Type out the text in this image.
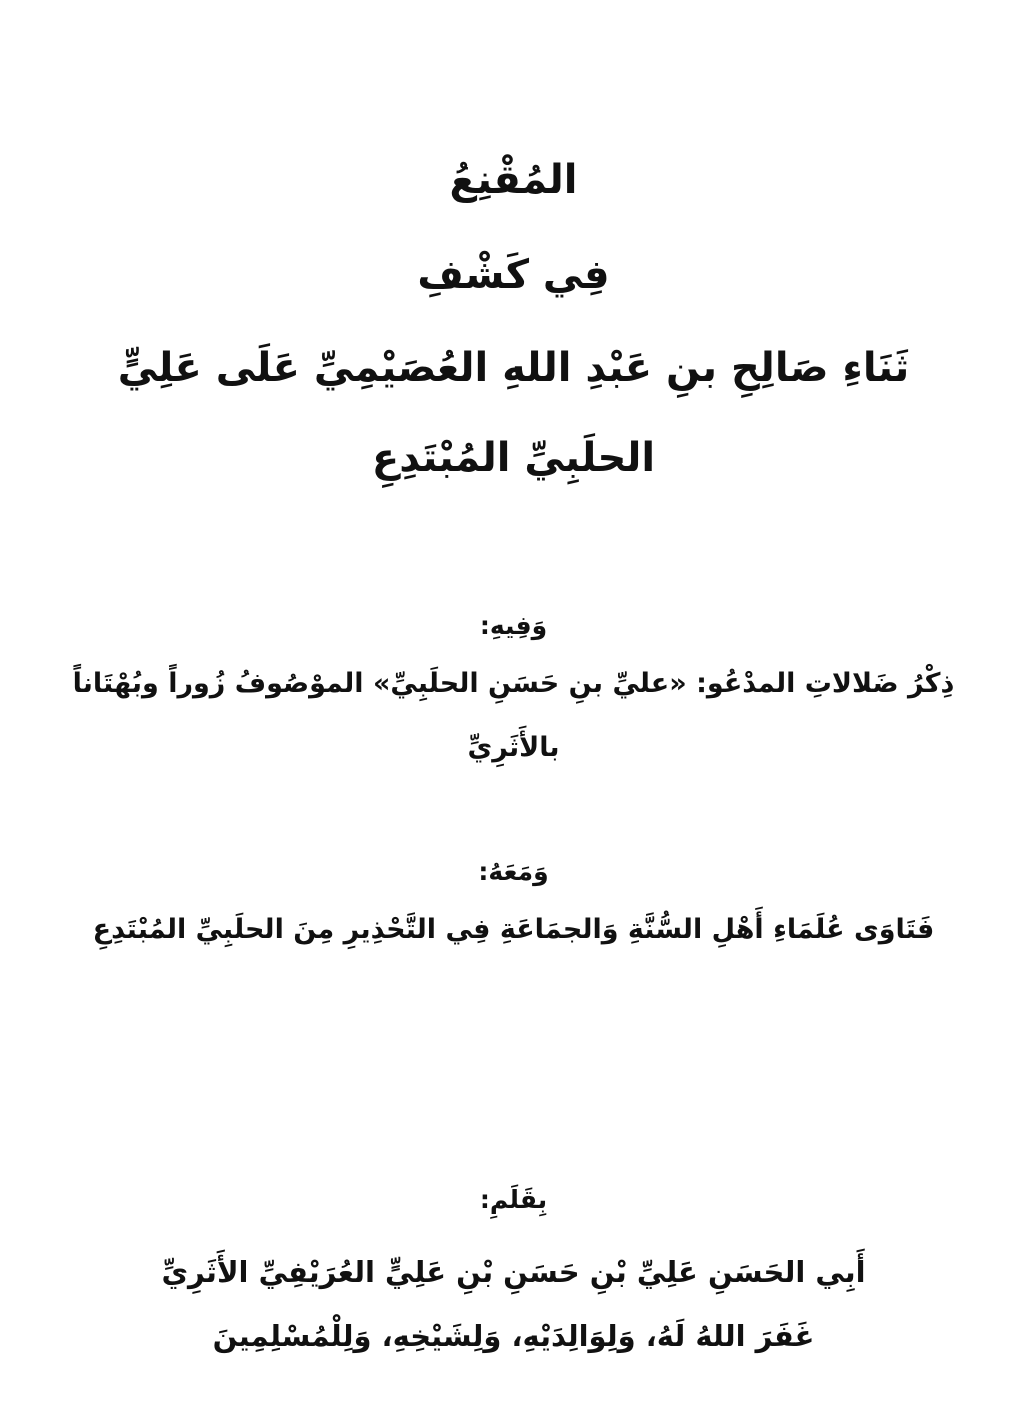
المُقْنِعُ
فِي كَشْفِ
ثَنَاءِ صَالِحِ بنِ عَبْدِ اللهِ العُصَيْمِيِّ عَلَى عَلِيٍّ
الحلَبِيِّ المُبْتَدِعِ
وَفِيهِ:
ذِكْرُ ضَلالاتِ المدْعُو: «عليِّ بنِ حَسَنِ الحلَبِيِّ» الموْصُوفُ زُوراً وبُهْتَاناً
بالأَثَرِيِّ
وَمَعَهُ:
فَتَاوَى عُلَمَاءِ أَهْلِ السُّنَّةِ وَالجمَاعَةِ فِي التَّحْذِيرِ مِنَ الحلَبِيِّ المُبْتَدِعِ
بِقَلَمِ:
أَبِي الحَسَنِ عَلِيِّ بْنِ حَسَنِ بْنِ عَلِيٍّ العُرَيْفِيِّ الأَثَرِيِّ
غَفَرَ اللهُ لَهُ، وَلِوَالِدَيْهِ، وَلِشَيْخِهِ، وَلِلْمُسْلِمِينَ
